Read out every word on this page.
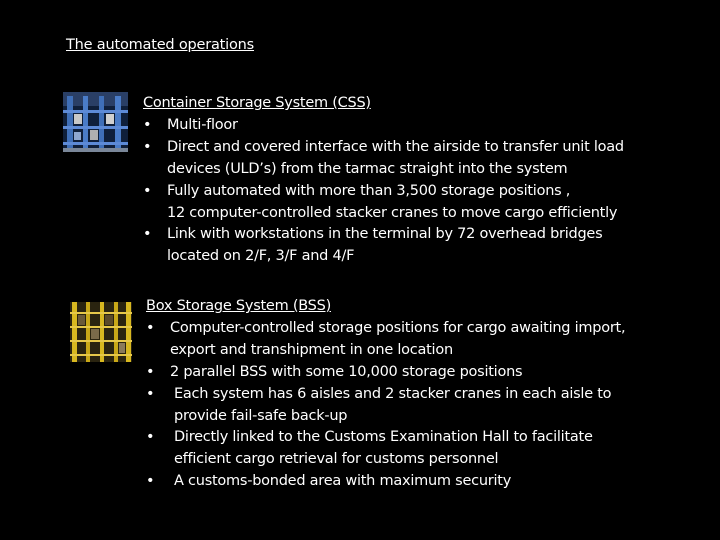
The automated operations
Container Storage System (CSS)
• Multi-floor
• Direct and covered interface with the airside to transfer unit load
devices (ULD’s) from the tarmac straight into the system
• Fully automated with more than 3,500 storage positions ,
12 computer-controlled stacker cranes to move cargo efficiently
• Link with workstations in the terminal by 72 overhead bridges
located on 2/F, 3/F and 4/F
Box Storage System (BSS)
• Computer-controlled storage positions for cargo awaiting import,
export and transhipment in one location
• 2 parallel BSS with some 10,000 storage positions
• Each system has 6 aisles and 2 stacker cranes in each aisle to
provide fail-safe back-up
• Directly linked to the Customs Examination Hall to facilitate
efficient cargo retrieval for customs personnel
• A customs-bonded area with maximum security
